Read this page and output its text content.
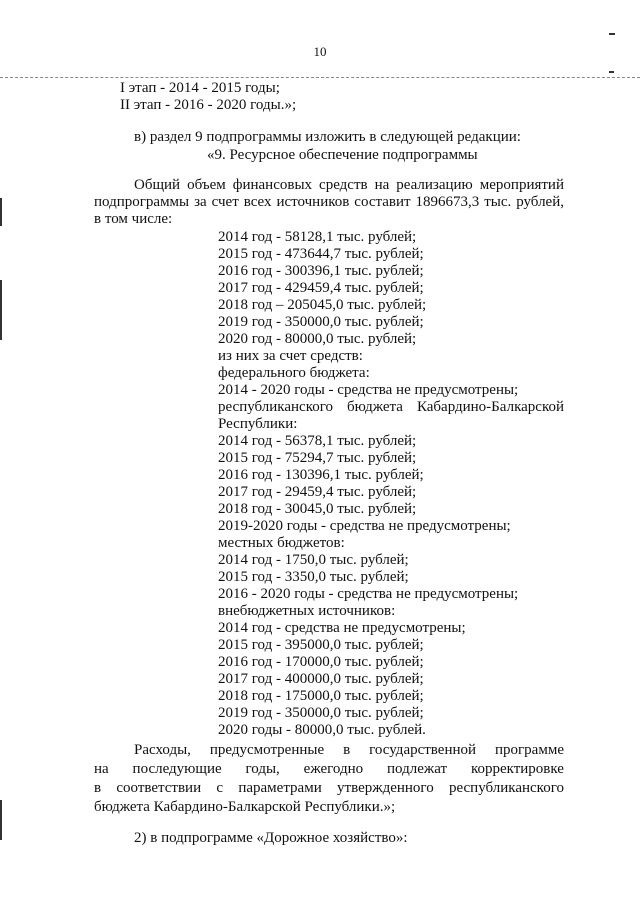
10
I этап - 2014 - 2015 годы;
II этап - 2016 - 2020 годы.»;
в) раздел 9 подпрограммы изложить в следующей редакции:
«9. Ресурсное обеспечение подпрограммы
Общий объем финансовых средств на реализацию мероприятий
подпрограммы за счет всех источников составит 1896673,3 тыс. рублей,
в том числе:
2014 год - 58128,1 тыс. рублей;
2015 год - 473644,7 тыс. рублей;
2016 год - 300396,1 тыс. рублей;
2017 год - 429459,4 тыс. рублей;
2018 год – 205045,0 тыс. рублей;
2019 год - 350000,0 тыс. рублей;
2020 год - 80000,0 тыс. рублей;
из них за счет средств:
федерального бюджета:
2014 - 2020 годы - средства не предусмотрены;
республиканского бюджета Кабардино-Балкарской
Республики:
2014 год - 56378,1 тыс. рублей;
2015 год - 75294,7 тыс. рублей;
2016 год - 130396,1 тыс. рублей;
2017 год - 29459,4 тыс. рублей;
2018 год - 30045,0 тыс. рублей;
2019-2020 годы - средства не предусмотрены;
местных бюджетов:
2014 год - 1750,0 тыс. рублей;
2015 год - 3350,0 тыс. рублей;
2016 - 2020 годы - средства не предусмотрены;
внебюджетных источников:
2014 год - средства не предусмотрены;
2015 год - 395000,0 тыс. рублей;
2016 год - 170000,0 тыс. рублей;
2017 год - 400000,0 тыс. рублей;
2018 год - 175000,0 тыс. рублей;
2019 год - 350000,0 тыс. рублей;
2020 годы - 80000,0 тыс. рублей.
Расходы, предусмотренные в государственной программе
на последующие годы, ежегодно подлежат корректировке
в соответствии с параметрами утвержденного республиканского
бюджета Кабардино-Балкарской Республики.»;
2) в подпрограмме «Дорожное хозяйство»:
